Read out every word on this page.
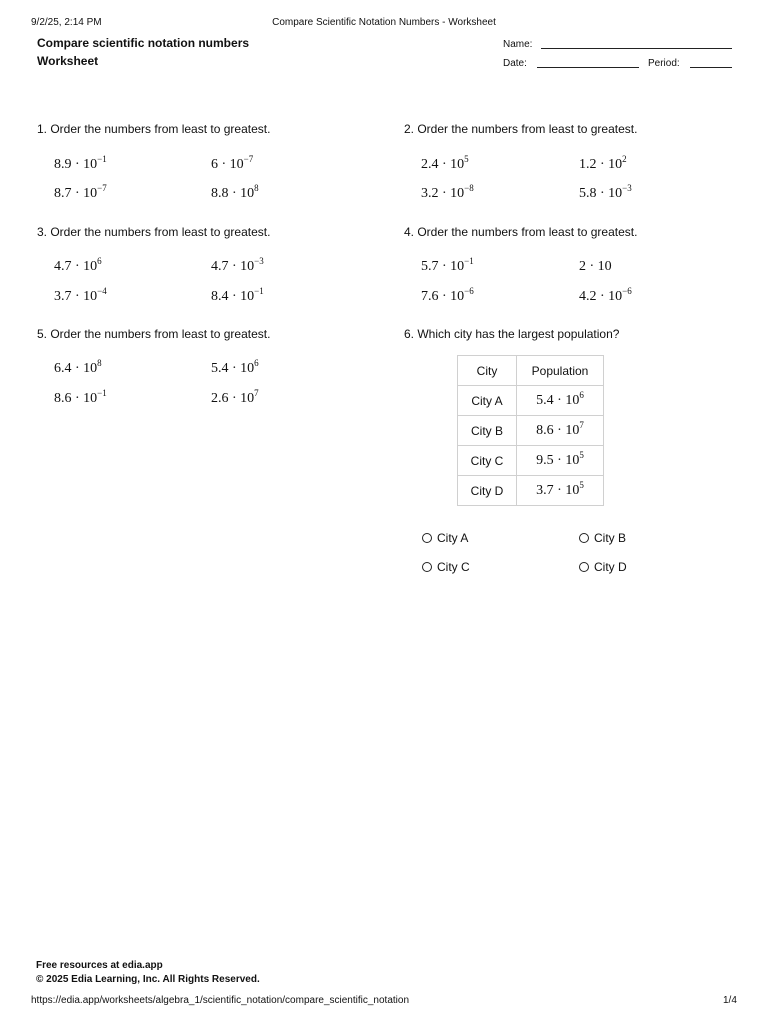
9/2/25, 2:14 PM	Compare Scientific Notation Numbers - Worksheet
Compare scientific notation numbers
Worksheet
Name:
Date:	Period:
1. Order the numbers from least to greatest.
$8.9 \cdot 10^{-1}$	$6 \cdot 10^{-7}$
$8.7 \cdot 10^{-7}$	$8.8 \cdot 10^8$
2. Order the numbers from least to greatest.
$2.4 \cdot 10^5$	$1.2 \cdot 10^2$
$3.2 \cdot 10^{-8}$	$5.8 \cdot 10^{-3}$
3. Order the numbers from least to greatest.
$4.7 \cdot 10^6$	$4.7 \cdot 10^{-3}$
$3.7 \cdot 10^{-4}$	$8.4 \cdot 10^{-1}$
4. Order the numbers from least to greatest.
$5.7 \cdot 10^{-1}$	2 · 10
$7.6 \cdot 10^{-6}$	$4.2 \cdot 10^{-6}$
5. Order the numbers from least to greatest.
$6.4 \cdot 10^8$	$5.4 \cdot 10^6$
$8.6 \cdot 10^{-1}$	$2.6 \cdot 10^7$
6. Which city has the largest population?
City	Population
City A	$5.4 \cdot 10^6$
City B	$8.6 \cdot 10^7$
City C	$9.5 \cdot 10^5$
City D	$3.7 \cdot 10^5$
City A	City B
City C	City D
Free resources at edia.app
© 2025 Edia Learning, Inc. All Rights Reserved.
https://edia.app/worksheets/algebra_1/scientific_notation/compare_scientific_notation	1/4
